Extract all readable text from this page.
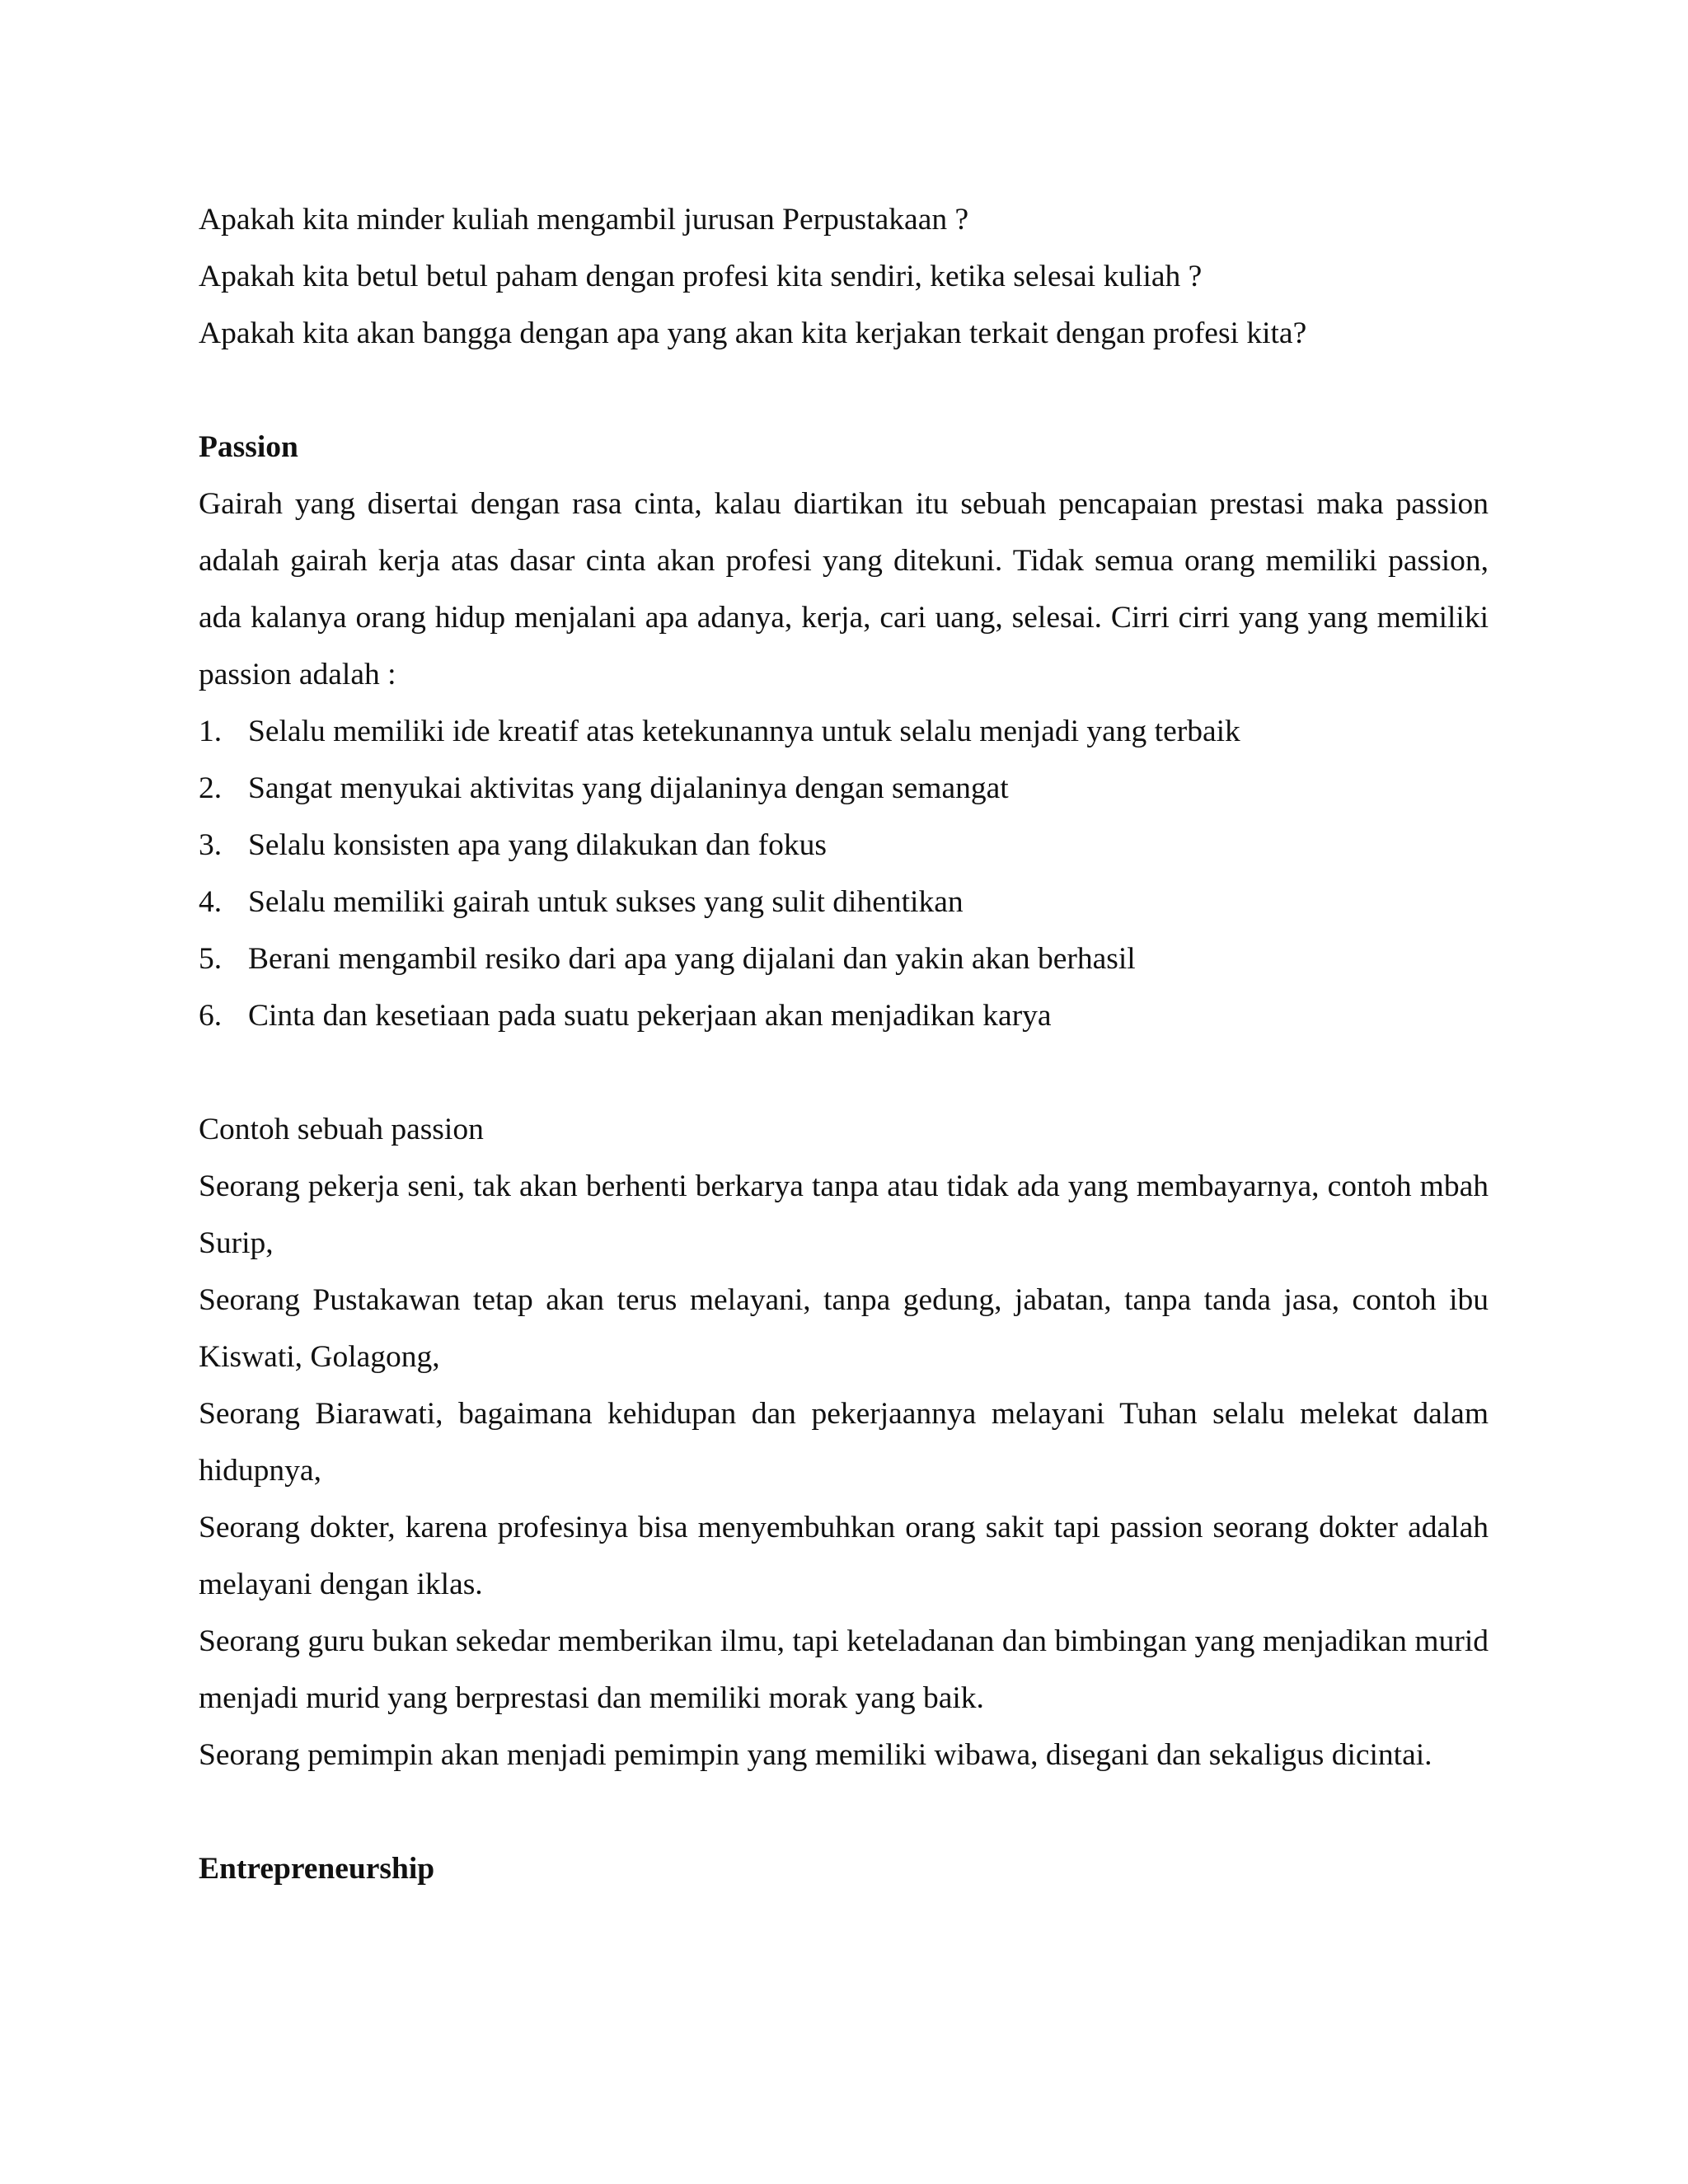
Apakah kita minder kuliah mengambil jurusan Perpustakaan ?
Apakah kita betul betul paham dengan profesi kita sendiri, ketika selesai kuliah ?
Apakah kita akan bangga dengan apa yang akan kita kerjakan terkait dengan profesi kita?
Passion
Gairah yang disertai dengan rasa cinta, kalau diartikan itu sebuah pencapaian prestasi maka passion adalah gairah kerja atas dasar cinta akan profesi yang ditekuni. Tidak semua orang memiliki passion, ada kalanya orang hidup menjalani apa adanya, kerja, cari uang, selesai. Cirri cirri yang yang memiliki passion adalah :
1. Selalu memiliki ide kreatif atas ketekunannya untuk selalu menjadi yang terbaik
2. Sangat menyukai aktivitas yang dijalaninya dengan semangat
3. Selalu konsisten apa yang dilakukan dan fokus
4. Selalu memiliki gairah untuk sukses yang sulit dihentikan
5. Berani mengambil resiko dari apa yang dijalani dan yakin akan berhasil
6. Cinta dan kesetiaan pada suatu pekerjaan akan menjadikan karya
Contoh sebuah passion
Seorang pekerja seni, tak akan berhenti berkarya tanpa atau tidak ada yang membayarnya, contoh mbah Surip,
Seorang Pustakawan tetap akan terus melayani, tanpa gedung, jabatan, tanpa tanda jasa, contoh ibu Kiswati, Golagong,
Seorang Biarawati, bagaimana kehidupan dan pekerjaannya melayani Tuhan selalu melekat dalam hidupnya,
Seorang dokter, karena profesinya bisa menyembuhkan orang sakit tapi passion seorang dokter adalah melayani dengan iklas.
Seorang guru bukan sekedar memberikan ilmu, tapi keteladanan dan bimbingan yang menjadikan murid menjadi murid yang berprestasi dan memiliki morak yang baik.
Seorang pemimpin akan menjadi pemimpin yang memiliki wibawa, disegani dan sekaligus dicintai.
Entrepreneurship
